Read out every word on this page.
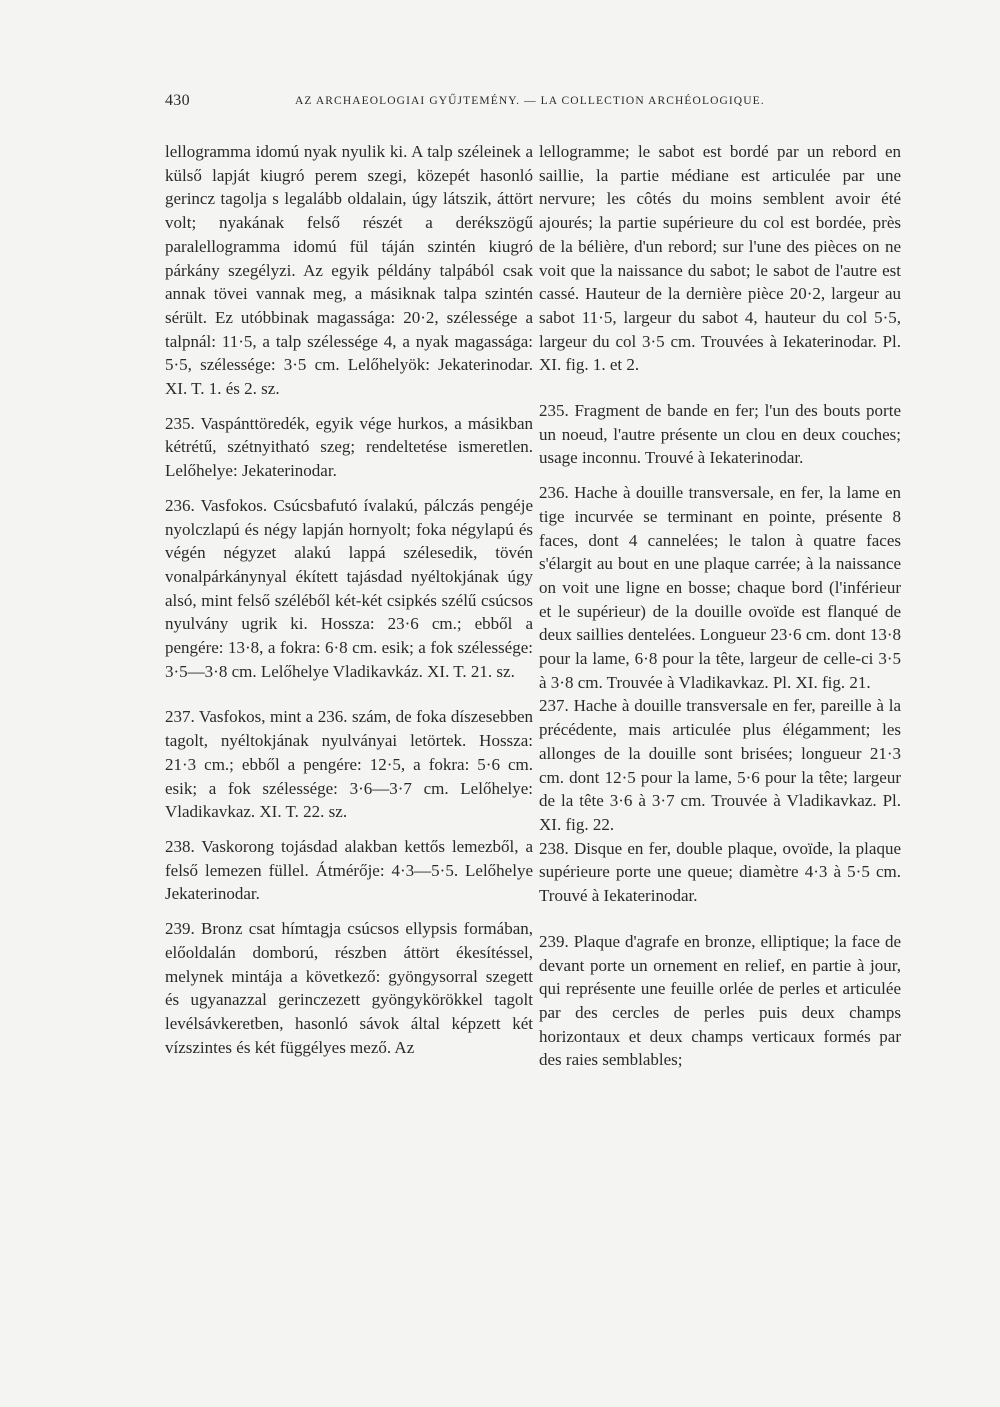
430	AZ ARCHAEOLOGIAI GYŰJTEMÉNY. — LA COLLECTION ARCHÉOLOGIQUE.

lellogramma idomú nyak nyulik ki. A talp széleinek a külső lapját kiugró perem szegi, közepét hasonló gerincz tagolja s legalább oldalain, úgy látszik, áttört volt; nyakának felső részét a derékszögű paralellogramma idomú fül táján szintén kiugró párkány szegélyzi. Az egyik példány talpából csak annak tövei vannak meg, a másiknak talpa szintén sérült. Ez utóbbinak magassága: 20·2, szélessége a talpnál: 11·5, a talp szélessége 4, a nyak magassága: 5·5, szélessége: 3·5 cm. Lelőhelyök: Jekaterinodar. XI. T. 1. és 2. sz.

235. Vaspánttöredék, egyik vége hurkos, a másikban kétrétű, szétnyitható szeg; rendeltetése ismeretlen. Lelőhelye: Jekaterinodar.

236. Vasfokos. Csúcsbafutó ívalakú, pálczás pengéje nyolczlapú és négy lapján hornyolt; foka négylapú és végén négyzet alakú lappá szélesedik, tövén vonalpárkánynyal ékített tajásdad nyéltokjának úgy alsó, mint felső széléből két-két csipkés szélű csúcsos nyulvány ugrik ki. Hossza: 23·6 cm.; ebből a pengére: 13·8, a fokra: 6·8 cm. esik; a fok szélessége: 3·5—3·8 cm. Lelőhelye Vladikavkáz. XI. T. 21. sz.

237. Vasfokos, mint a 236. szám, de foka díszesebben tagolt, nyéltokjának nyulványai letörtek. Hossza: 21·3 cm.; ebből a pengére: 12·5, a fokra: 5·6 cm. esik; a fok szélessége: 3·6—3·7 cm. Lelőhelye: Vladikavkaz. XI. T. 22. sz.

238. Vaskorong tojásdad alakban kettős lemezből, a felső lemezen füllel. Átmérője: 4·3—5·5. Lelőhelye Jekaterinodar.

239. Bronz csat hímtagja csúcsos ellypsis formában, előoldalán domború, részben áttört ékesítéssel, melynek mintája a következő: gyöngysorral szegett és ugyanazzal gerinczezett gyöngykörökkel tagolt levélsávkeretben, hasonló sávok által képzett két vízszintes és két függélyes mező. Az

lellogramme; le sabot est bordé par un rebord en saillie, la partie médiane est articulée par une nervure; les côtés du moins semblent avoir été ajourés; la partie supérieure du col est bordée, près de la bélière, d'un rebord; sur l'une des pièces on ne voit que la naissance du sabot; le sabot de l'autre est cassé. Hauteur de la dernière pièce 20·2, largeur au sabot 11·5, largeur du sabot 4, hauteur du col 5·5, largeur du col 3·5 cm. Trouvées à Iekaterinodar. Pl. XI. fig. 1. et 2.

235. Fragment de bande en fer; l'un des bouts porte un noeud, l'autre présente un clou en deux couches; usage inconnu. Trouvé à Iekaterinodar.

236. Hache à douille transversale, en fer, la lame en tige incurvée se terminant en pointe, présente 8 faces, dont 4 cannelées; le talon à quatre faces s'élargit au bout en une plaque carrée; à la naissance on voit une ligne en bosse; chaque bord (l'inférieur et le supérieur) de la douille ovoïde est flanqué de deux saillies dentelées. Longueur 23·6 cm. dont 13·8 pour la lame, 6·8 pour la tête, largeur de celle-ci 3·5 à 3·8 cm. Trouvée à Vladikavkaz. Pl. XI. fig. 21.

237. Hache à douille transversale en fer, pareille à la précédente, mais articulée plus élégamment; les allonges de la douille sont brisées; longueur 21·3 cm. dont 12·5 pour la lame, 5·6 pour la tête; largeur de la tête 3·6 à 3·7 cm. Trouvée à Vladikavkaz. Pl. XI. fig. 22.

238. Disque en fer, double plaque, ovoïde, la plaque supérieure porte une queue; diamètre 4·3 à 5·5 cm. Trouvé à Iekaterinodar.

239. Plaque d'agrafe en bronze, elliptique; la face de devant porte un ornement en relief, en partie à jour, qui représente une feuille orlée de perles et articulée par des cercles de perles puis deux champs horizontaux et deux champs verticaux formés par des raies semblables;
